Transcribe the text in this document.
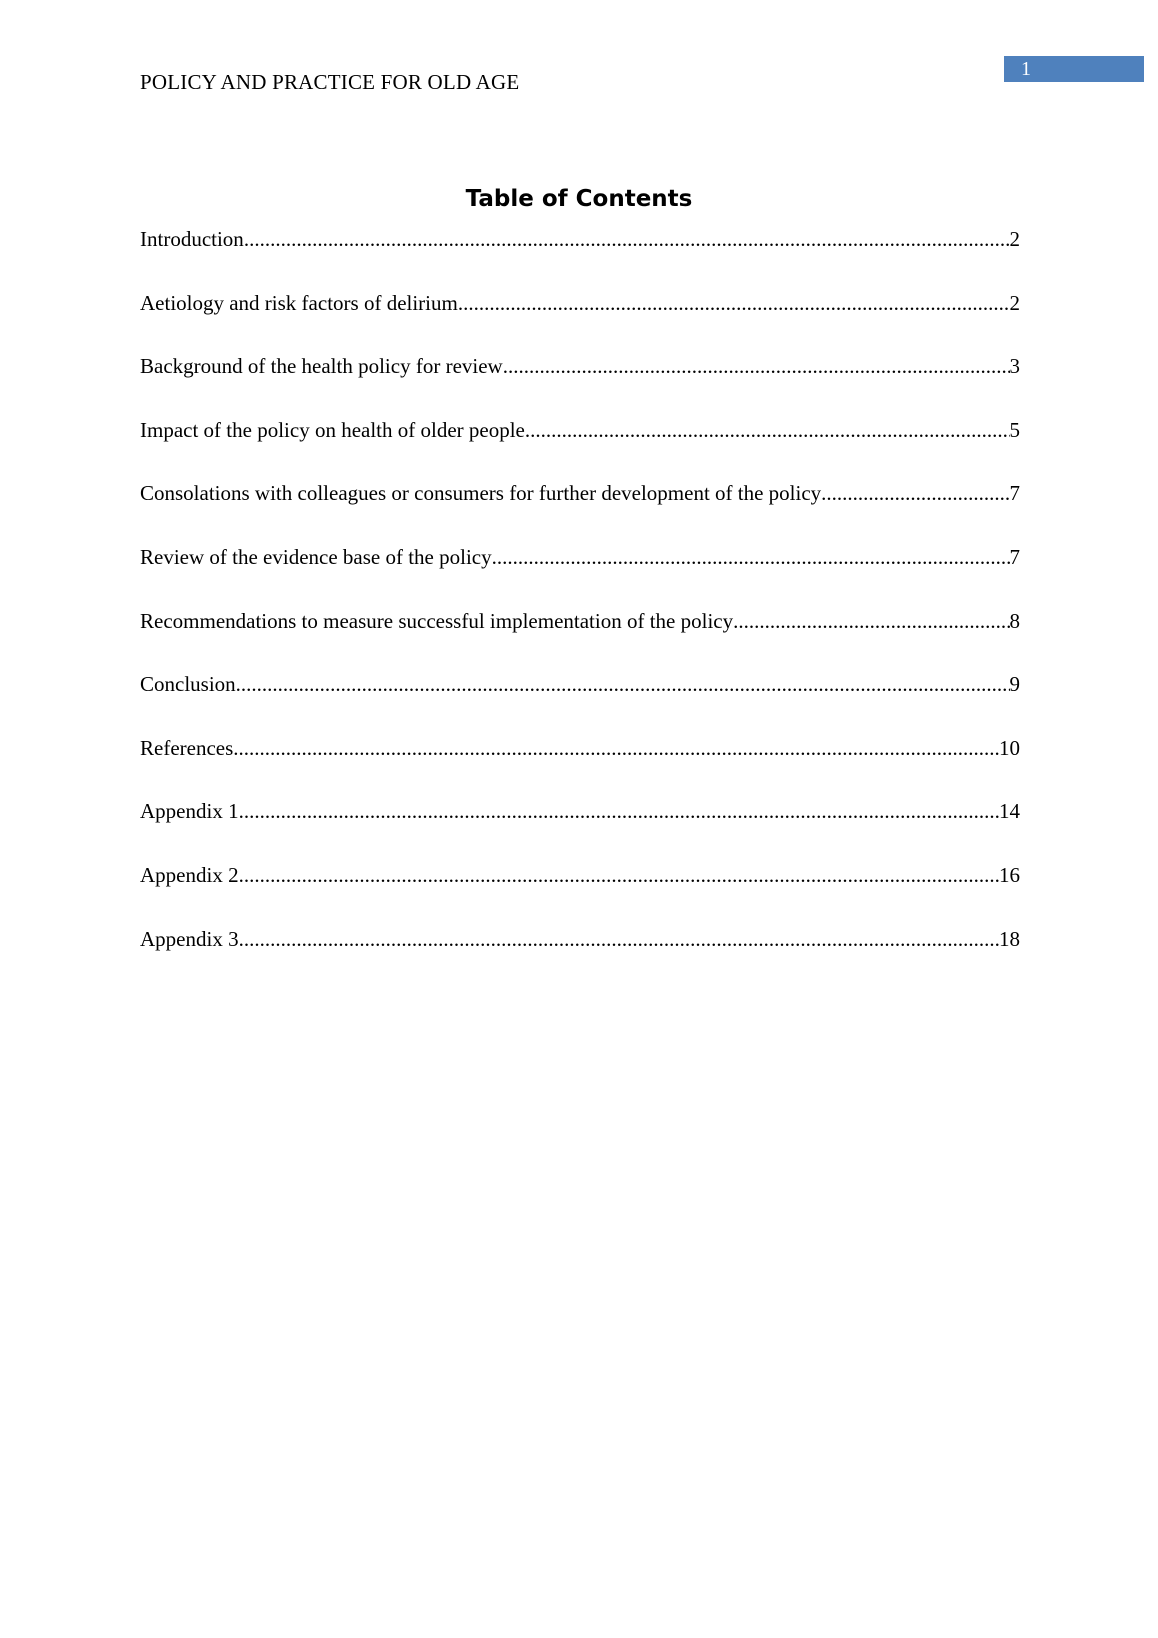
POLICY AND PRACTICE FOR OLD AGE
1
Table of Contents
Introduction .....	2
Aetiology and risk factors of delirium .....	2
Background of the health policy for review .....	3
Impact of the policy on health of older people .....	5
Consolations with colleagues or consumers for further development of the policy .....	7
Review of the evidence base of the policy .....	7
Recommendations to measure successful implementation of the policy .....	8
Conclusion .....	9
References .....	10
Appendix 1 .....	14
Appendix 2 .....	16
Appendix 3 .....	18
